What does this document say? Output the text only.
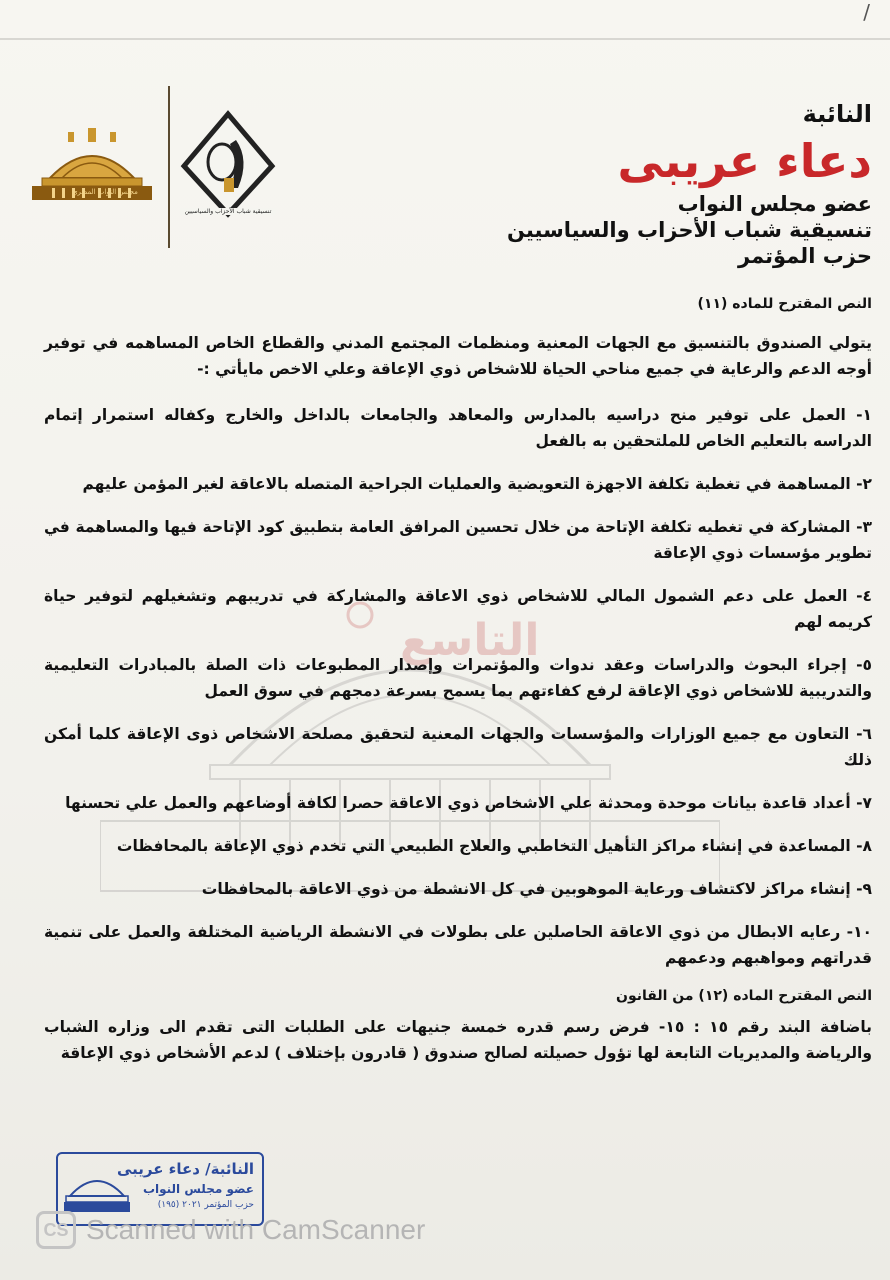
/
مجلس النواب المصري
تنسيقية شباب الأحزاب والسياسيين

النائبة

دعاء عريبى

عضو مجلس النواب

تنسيقية شباب الأحزاب والسياسيين

حزب المؤتمر

التاسع

النص المقترح للماده (١١)

يتولي الصندوق بالتنسيق مع الجهات المعنية ومنظمات المجتمع المدني والقطاع الخاص المساهمه في توفير أوجه الدعم والرعاية في جميع مناحي الحياة للاشخاص ذوي الإعاقة وعلي الاخص مايأتي :-

١- العمل على توفير منح دراسيه بالمدارس والمعاهد والجامعات بالداخل والخارج وكفاله استمرار إتمام الدراسه بالتعليم الخاص للملتحقين به بالفعل

٢- المساهمة في تغطية تكلفة الاجهزة التعويضية والعمليات الجراحية المتصله بالاعاقة لغير المؤمن عليهم

٣- المشاركة في تغطيه تكلفة الإتاحة من خلال تحسين المرافق العامة بتطبيق كود الإتاحة فيها والمساهمة في تطوير مؤسسات ذوي الإعاقة

٤- العمل على دعم الشمول المالي للاشخاص ذوي الاعاقة والمشاركة في تدريبهم وتشغيلهم لتوفير حياة كريمه لهم

٥- إجراء البحوث والدراسات وعقد ندوات والمؤتمرات وإصدار المطبوعات ذات الصلة بالمبادرات التعليمية والتدريبية للاشخاص ذوي الإعاقة لرفع كفاءتهم بما يسمح بسرعة دمجهم في سوق العمل

٦- التعاون مع جميع الوزارات والمؤسسات والجهات المعنية لتحقيق مصلحة الاشخاص ذوى الإعاقة كلما أمكن ذلك

٧- أعداد قاعدة بيانات موحدة ومحدثة علي الاشخاص ذوي الاعاقة حصرا لكافة أوضاعهم والعمل علي تحسنها

٨- المساعدة في إنشاء مراكز التأهيل التخاطبي والعلاج الطبيعي التي تخدم ذوي الإعاقة بالمحافظات

٩- إنشاء مراكز لاكتشاف ورعاية الموهوبين في كل الانشطة من ذوي الاعاقة بالمحافظات

١٠- رعايه الابطال من ذوي الاعاقة الحاصلين على بطولات في الانشطة الرياضية المختلفة والعمل على تنمية قدراتهم ومواهبهم ودعمهم

النص المقترح الماده (١٢) من القانون

باضافة البند رقم ١٥ : ١٥- فرض رسم قدره خمسة جنيهات على الطلبات التى تقدم الى وزاره الشباب والرياضة والمديريات التابعة لها تؤول حصيلته لصالح صندوق ( قادرون بإختلاف ) لدعم الأشخاص ذوي الإعاقة

النائبة/ دعاء عريبى
عضو مجلس النواب
حزب المؤتمر ٢٠٢١ (١٩٥)
CS Scanned with CamScanner
